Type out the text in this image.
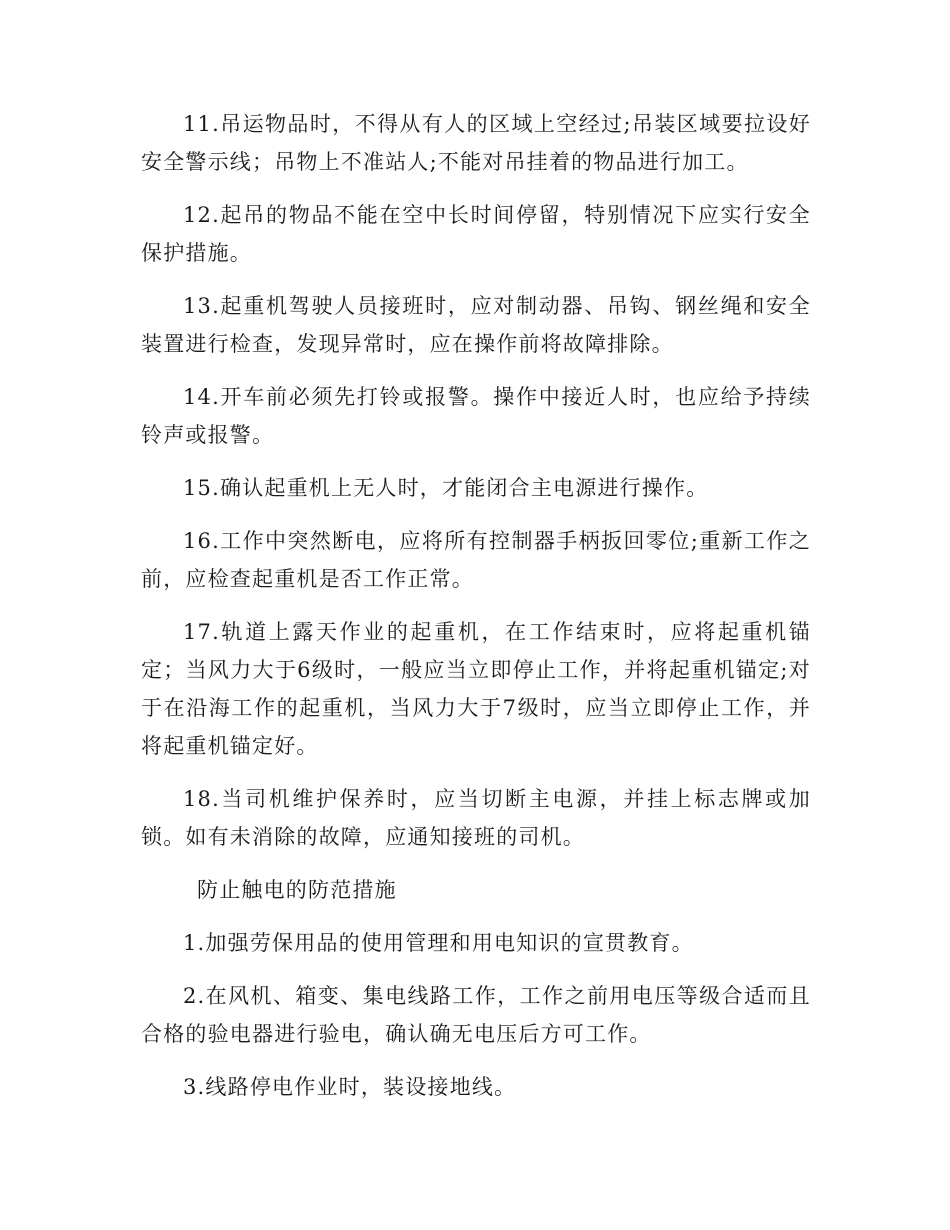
11.吊运物品时，不得从有人的区域上空经过;吊装区域要拉设好安全警示线；吊物上不准站人;不能对吊挂着的物品进行加工。

12.起吊的物品不能在空中长时间停留，特别情况下应实行安全保护措施。

13.起重机驾驶人员接班时，应对制动器、吊钩、钢丝绳和安全装置进行检查，发现异常时，应在操作前将故障排除。

14.开车前必须先打铃或报警。操作中接近人时，也应给予持续铃声或报警。

15.确认起重机上无人时，才能闭合主电源进行操作。

16.工作中突然断电，应将所有控制器手柄扳回零位;重新工作之前，应检查起重机是否工作正常。

17.轨道上露天作业的起重机，在工作结束时，应将起重机锚定；当风力大于6级时，一般应当立即停止工作，并将起重机锚定;对于在沿海工作的起重机，当风力大于7级时，应当立即停止工作，并将起重机锚定好。

18.当司机维护保养时，应当切断主电源，并挂上标志牌或加锁。如有未消除的故障，应通知接班的司机。

防止触电的防范措施

1.加强劳保用品的使用管理和用电知识的宣贯教育。

2.在风机、箱变、集电线路工作，工作之前用电压等级合适而且合格的验电器进行验电，确认确无电压后方可工作。

3.线路停电作业时，装设接地线。
